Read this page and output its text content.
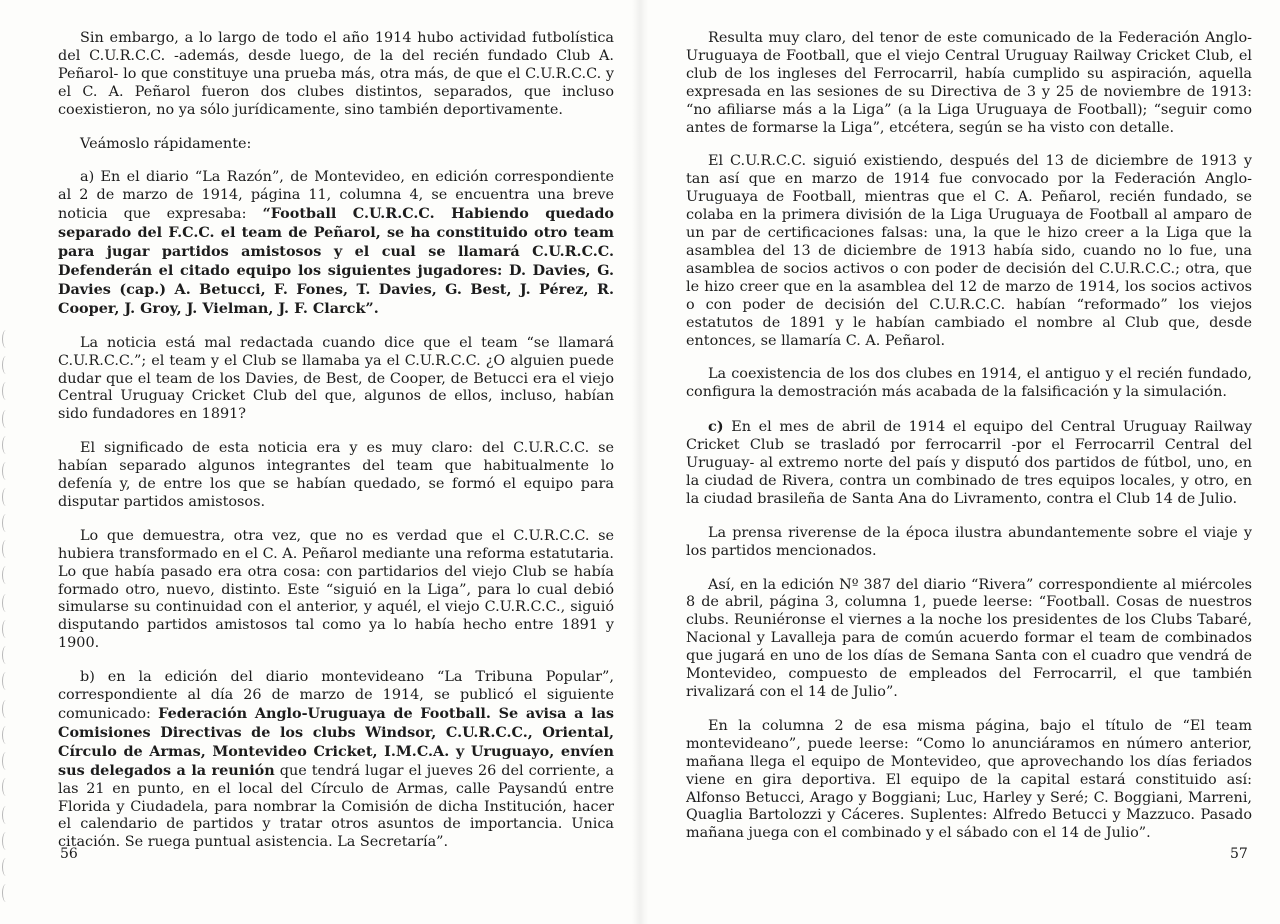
Sin embargo, a lo largo de todo el año 1914 hubo actividad futbolística del C.U.R.C.C. -además, desde luego, de la del recién fundado Club A. Peñarol- lo que constituye una prueba más, otra más, de que el C.U.R.C.C. y el C. A. Peñarol fueron dos clubes distintos, separados, que incluso coexistieron, no ya sólo jurídicamente, sino también deportivamente.

Veámoslo rápidamente:

a) En el diario “La Razón”, de Montevideo, en edición correspondiente al 2 de marzo de 1914, página 11, columna 4, se encuentra una breve noticia que expresaba: “Football C.U.R.C.C. Habiendo quedado separado del F.C.C. el team de Peñarol, se ha constituido otro team para jugar partidos amistosos y el cual se llamará C.U.R.C.C. Defenderán el citado equipo los siguientes jugadores: D. Davies, G. Davies (cap.) A. Betucci, F. Fones, T. Davies, G. Best, J. Pérez, R. Cooper, J. Groy, J. Vielman, J. F. Clarck”.

La noticia está mal redactada cuando dice que el team “se llamará C.U.R.C.C.”; el team y el Club se llamaba ya el C.U.R.C.C. ¿O alguien puede dudar que el team de los Davies, de Best, de Cooper, de Betucci era el viejo Central Uruguay Cricket Club del que, algunos de ellos, incluso, habían sido fundadores en 1891?

El significado de esta noticia era y es muy claro: del C.U.R.C.C. se habían separado algunos integrantes del team que habitualmente lo defenía y, de entre los que se habían quedado, se formó el equipo para disputar partidos amistosos.

Lo que demuestra, otra vez, que no es verdad que el C.U.R.C.C. se hubiera transformado en el C. A. Peñarol mediante una reforma estatutaria. Lo que había pasado era otra cosa: con partidarios del viejo Club se había formado otro, nuevo, distinto. Este “siguió en la Liga”, para lo cual debió simularse su continuidad con el anterior, y aquél, el viejo C.U.R.C.C., siguió disputando partidos amistosos tal como ya lo había hecho entre 1891 y 1900.

b) en la edición del diario montevideano “La Tribuna Popular”, correspondiente al día 26 de marzo de 1914, se publicó el siguiente comunicado: Federación Anglo-Uruguaya de Football. Se avisa a las Comisiones Directivas de los clubs Windsor, C.U.R.C.C., Oriental, Círculo de Armas, Montevideo Cricket, I.M.C.A. y Uruguayo, envíen sus delegados a la reunión que tendrá lugar el jueves 26 del corriente, a las 21 en punto, en el local del Círculo de Armas, calle Paysandú entre Florida y Ciudadela, para nombrar la Comisión de dicha Institución, hacer el calendario de partidos y tratar otros asuntos de importancia. Unica citación. Se ruega puntual asistencia. La Secretaría”.

56

Resulta muy claro, del tenor de este comunicado de la Federación Anglo-Uruguaya de Football, que el viejo Central Uruguay Railway Cricket Club, el club de los ingleses del Ferrocarril, había cumplido su aspiración, aquella expresada en las sesiones de su Directiva de 3 y 25 de noviembre de 1913: “no afiliarse más a la Liga” (a la Liga Uruguaya de Football); “seguir como antes de formarse la Liga”, etcétera, según se ha visto con detalle.

El C.U.R.C.C. siguió existiendo, después del 13 de diciembre de 1913 y tan así que en marzo de 1914 fue convocado por la Federación Anglo-Uruguaya de Football, mientras que el C. A. Peñarol, recién fundado, se colaba en la primera división de la Liga Uruguaya de Football al amparo de un par de certificaciones falsas: una, la que le hizo creer a la Liga que la asamblea del 13 de diciembre de 1913 había sido, cuando no lo fue, una asamblea de socios activos o con poder de decisión del C.U.R.C.C.; otra, que le hizo creer que en la asamblea del 12 de marzo de 1914, los socios activos o con poder de decisión del C.U.R.C.C. habían “reformado” los viejos estatutos de 1891 y le habían cambiado el nombre al Club que, desde entonces, se llamaría C. A. Peñarol.

La coexistencia de los dos clubes en 1914, el antiguo y el recién fundado, configura la demostración más acabada de la falsificación y la simulación.

c) En el mes de abril de 1914 el equipo del Central Uruguay Railway Cricket Club se trasladó por ferrocarril -por el Ferrocarril Central del Uruguay- al extremo norte del país y disputó dos partidos de fútbol, uno, en la ciudad de Rivera, contra un combinado de tres equipos locales, y otro, en la ciudad brasileña de Santa Ana do Livramento, contra el Club 14 de Julio.

La prensa riverense de la época ilustra abundantemente sobre el viaje y los partidos mencionados.

Así, en la edición Nº 387 del diario “Rivera” correspondiente al miércoles 8 de abril, página 3, columna 1, puede leerse: “Football. Cosas de nuestros clubs. Reuniéronse el viernes a la noche los presidentes de los Clubs Tabaré, Nacional y Lavalleja para de común acuerdo formar el team de combinados que jugará en uno de los días de Semana Santa con el cuadro que vendrá de Montevideo, compuesto de empleados del Ferrocarril, el que también rivalizará con el 14 de Julio”.

En la columna 2 de esa misma página, bajo el título de “El team montevideano”, puede leerse: “Como lo anunciáramos en número anterior, mañana llega el equipo de Montevideo, que aprovechando los días feriados viene en gira deportiva. El equipo de la capital estará constituido así: Alfonso Betucci, Arago y Boggiani; Luc, Harley y Seré; C. Boggiani, Marreni, Quaglia Bartolozzi y Cáceres. Suplentes: Alfredo Betucci y Mazzuco. Pasado mañana juega con el combinado y el sábado con el 14 de Julio”.

57
